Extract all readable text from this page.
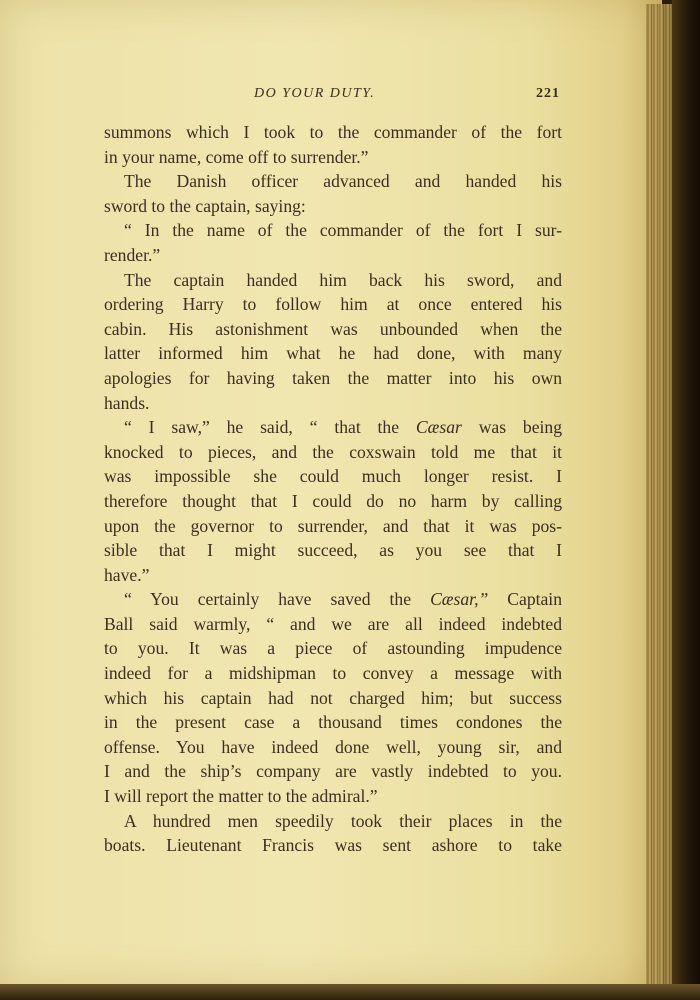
DO YOUR DUTY.	221

summons which I took to the commander of the fort

in your name, come off to surrender.”

The Danish officer advanced and handed his

sword to the captain, saying:

“ In the name of the commander of the fort I sur-

render.”

The captain handed him back his sword, and

ordering Harry to follow him at once entered his

cabin. His astonishment was unbounded when the

latter informed him what he had done, with many

apologies for having taken the matter into his own

hands.

“ I saw,” he said, “ that the Cæsar was being

knocked to pieces, and the coxswain told me that it

was impossible she could much longer resist. I

therefore thought that I could do no harm by calling

upon the governor to surrender, and that it was pos-

sible that I might succeed, as you see that I

have.”

“ You certainly have saved the Cæsar,” Captain

Ball said warmly, “ and we are all indeed indebted

to you. It was a piece of astounding impudence

indeed for a midshipman to convey a message with

which his captain had not charged him; but success

in the present case a thousand times condones the

offense. You have indeed done well, young sir, and

I and the ship’s company are vastly indebted to you.

I will report the matter to the admiral.”

A hundred men speedily took their places in the

boats. Lieutenant Francis was sent ashore to take
